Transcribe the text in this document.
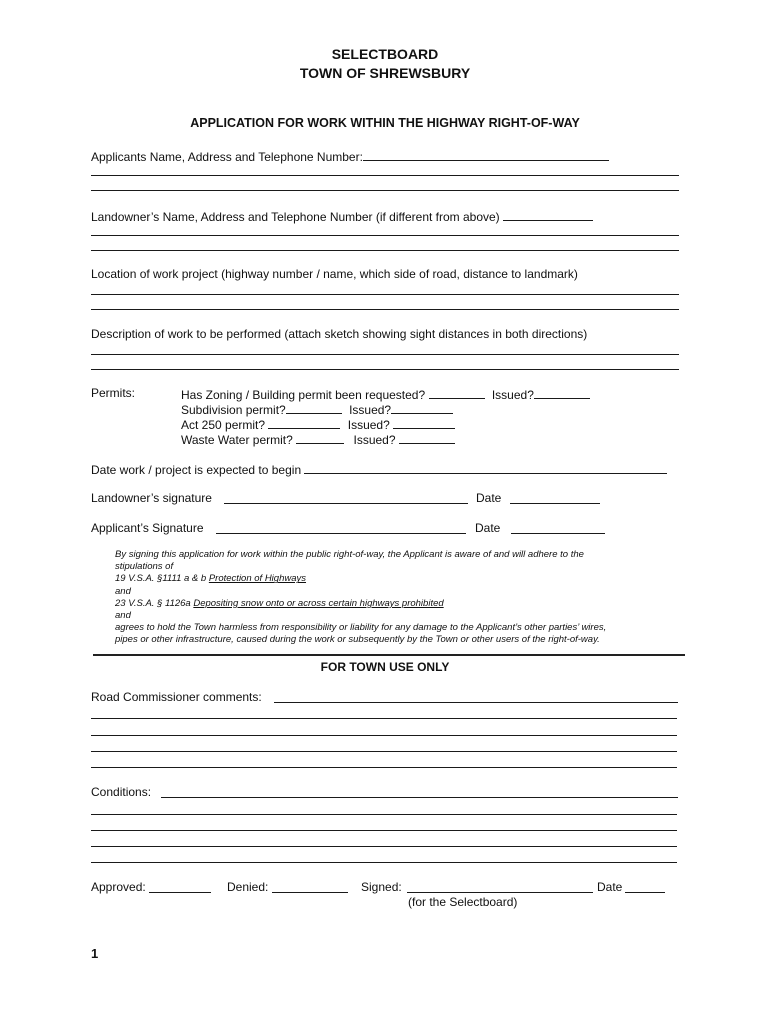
SELECTBOARD
TOWN OF SHREWSBURY
APPLICATION FOR WORK WITHIN THE HIGHWAY RIGHT-OF-WAY
Applicants Name, Address and Telephone Number:
Landowner’s Name, Address and Telephone Number (if different from above)
Location of work project (highway number / name, which side of road, distance to landmark)
Description of work to be performed (attach sketch showing sight distances in both directions)
Permits:	Has Zoning / Building permit been requested?	Issued?
Subdivision permit?	Issued?
Act 250 permit?	Issued?
Waste Water permit?	Issued?
Date work / project is expected to begin
Landowner’s signature	Date
Applicant’s Signature	Date
By signing this application for work within the public right-of-way, the Applicant is aware of and will adhere to the
stipulations of
19 V.S.A. §1111 a & b Protection of Highways
and
23 V.S.A. § 1126a Depositing snow onto or across certain highways prohibited
and
agrees to hold the Town harmless from responsibility or liability for any damage to the Applicant’s other parties’ wires,
pipes or other infrastructure, caused during the work or subsequently by the Town or other users of the right-of-way.
FOR TOWN USE ONLY
Road Commissioner comments:
Conditions:
Approved:	Denied:	Signed:	Date
(for the Selectboard)
1
